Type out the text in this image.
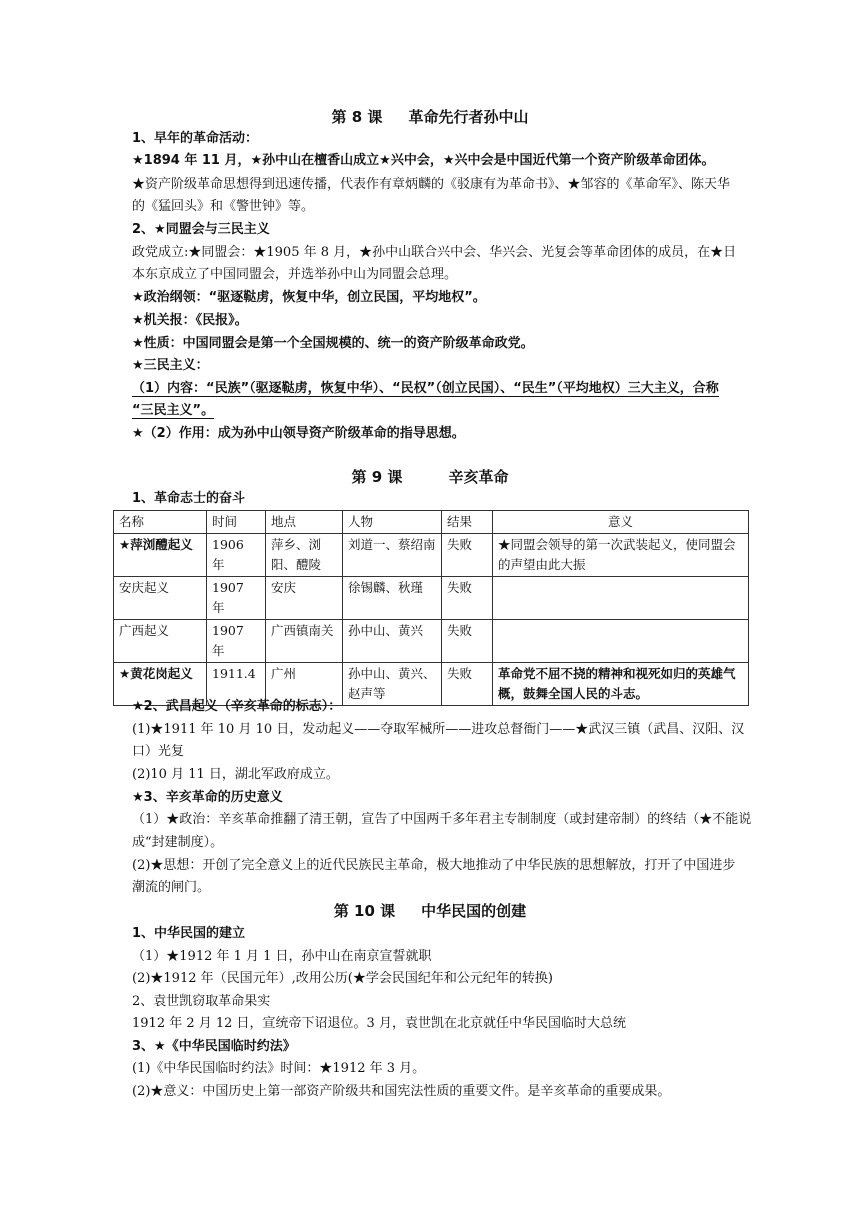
第 8 课 革命先行者孙中山
1、早年的革命活动：
★1894 年 11 月，★孙中山在檀香山成立★兴中会，★兴中会是中国近代第一个资产阶级革命团体。
★资产阶级革命思想得到迅速传播，代表作有章炳麟的《驳康有为革命书》、★邹容的《革命军》、陈天华
的《猛回头》和《警世钟》等。
2、★同盟会与三民主义
政党成立:★同盟会：★1905 年 8 月，★孙中山联合兴中会、华兴会、光复会等革命团体的成员，在★日
本东京成立了中国同盟会，并选举孙中山为同盟会总理。
★政治纲领：“驱逐鞑虏，恢复中华，创立民国，平均地权”。
★机关报：《民报》。
★性质：中国同盟会是第一个全国规模的、统一的资产阶级革命政党。
★三民主义：
（1）内容：“民族”（驱逐鞑虏，恢复中华）、“民权”（创立民国）、“民生”（平均地权）三大主义，合称
“三民主义”。
★（2）作用：成为孙中山领导资产阶级革命的指导思想。
第 9 课	辛亥革命
1、革命志士的奋斗
名称	时间	地点	人物	结果	意义
★萍浏醴起义	1906 年	萍乡、浏阳、醴陵	刘道一、蔡绍南	失败	★同盟会领导的第一次武装起义，使同盟会的声望由此大振
安庆起义	1907 年	安庆	徐锡麟、秋瑾	失败	
广西起义	1907 年	广西镇南关	孙中山、黄兴	失败	
★黄花岗起义	1911.4	广州	孙中山、黄兴、赵声等	失败	革命党不屈不挠的精神和视死如归的英雄气概，鼓舞全国人民的斗志。
★2、武昌起义（辛亥革命的标志）：
(1)★1911 年 10 月 10 日，发动起义——夺取军械所——进攻总督衙门——★武汉三镇（武昌、汉阳、汉
口）光复
(2)10 月 11 日，湖北军政府成立。
★3、辛亥革命的历史意义
（1）★政治：辛亥革命推翻了清王朝，宣告了中国两千多年君主专制制度（或封建帝制）的终结（★不能说
成“封建制度）。
(2)★思想：开创了完全意义上的近代民族民主革命，极大地推动了中华民族的思想解放，打开了中国进步
潮流的闸门。
第 10 课 中华民国的创建
1、中华民国的建立
（1）★1912 年 1 月 1 日，孙中山在南京宣誓就职
(2)★1912 年（民国元年）,改用公历(★学会民国纪年和公元纪年的转换)
2、袁世凯窃取革命果实
1912 年 2 月 12 日，宣统帝下诏退位。3 月，袁世凯在北京就任中华民国临时大总统
3、★《中华民国临时约法》
(1)《中华民国临时约法》时间：★1912 年 3 月。
(2)★意义：中国历史上第一部资产阶级共和国宪法性质的重要文件。是辛亥革命的重要成果。
